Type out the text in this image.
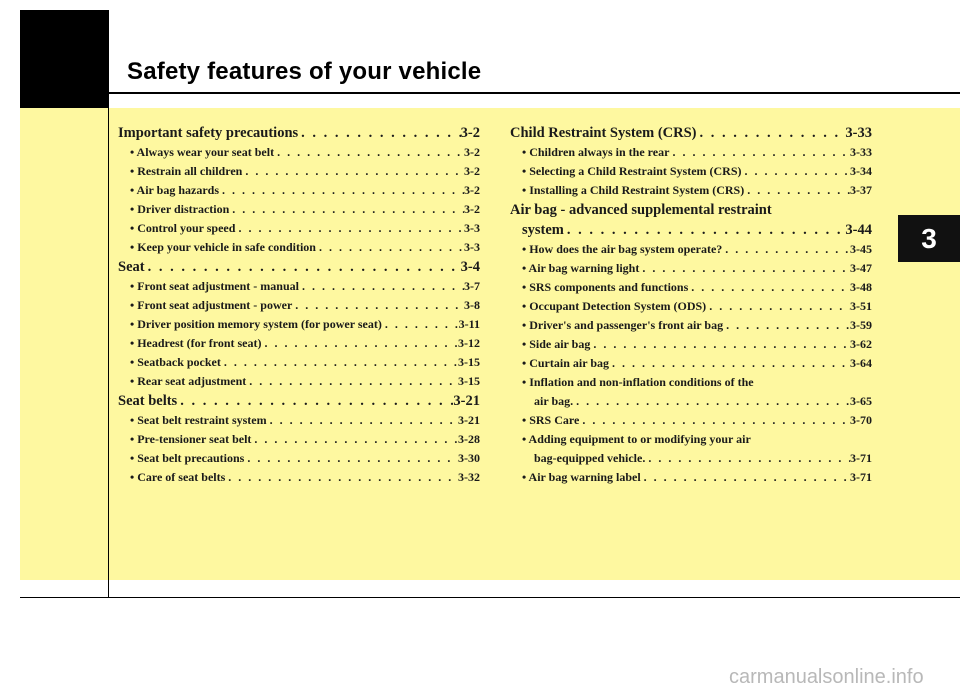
Safety features of your vehicle
3
Important safety precautions . . .	3-2
• Always wear your seat belt . . .	3-2
• Restrain all children . . .	3-2
• Air bag hazards . . .	3-2
• Driver distraction . . .	3-2
• Control your speed . . .	3-3
• Keep your vehicle in safe condition . . .	3-3
Seat . . .	3-4
• Front seat adjustment - manual . . .	3-7
• Front seat adjustment - power . . .	3-8
• Driver position memory system (for power seat) . . .	3-11
• Headrest (for front seat) . . .	3-12
• Seatback pocket . . .	3-15
• Rear seat adjustment . . .	3-15
Seat belts . . .	3-21
• Seat belt restraint system . . .	3-21
• Pre-tensioner seat belt . . .	3-28
• Seat belt precautions . . .	3-30
• Care of seat belts . . .	3-32
Child Restraint System (CRS) . . .	3-33
• Children always in the rear . . .	3-33
• Selecting a Child Restraint System (CRS) . . .	3-34
• Installing a Child Restraint System (CRS) . . .	3-37
Air bag - advanced supplemental restraint
system . . .	3-44
• How does the air bag system operate? . . .	3-45
• Air bag warning light . . .	3-47
• SRS components and functions . . .	3-48
• Occupant Detection System (ODS) . . .	3-51
• Driver's and passenger's front air bag . . .	3-59
• Side air bag . . .	3-62
• Curtain air bag . . .	3-64
• Inflation and non-inflation conditions of the
air bag. . . .	3-65
• SRS Care . . .	3-70
• Adding equipment to or modifying your air
bag-equipped vehicle. . . .	3-71
• Air bag warning label . . .	3-71
carmanualsonline.info
